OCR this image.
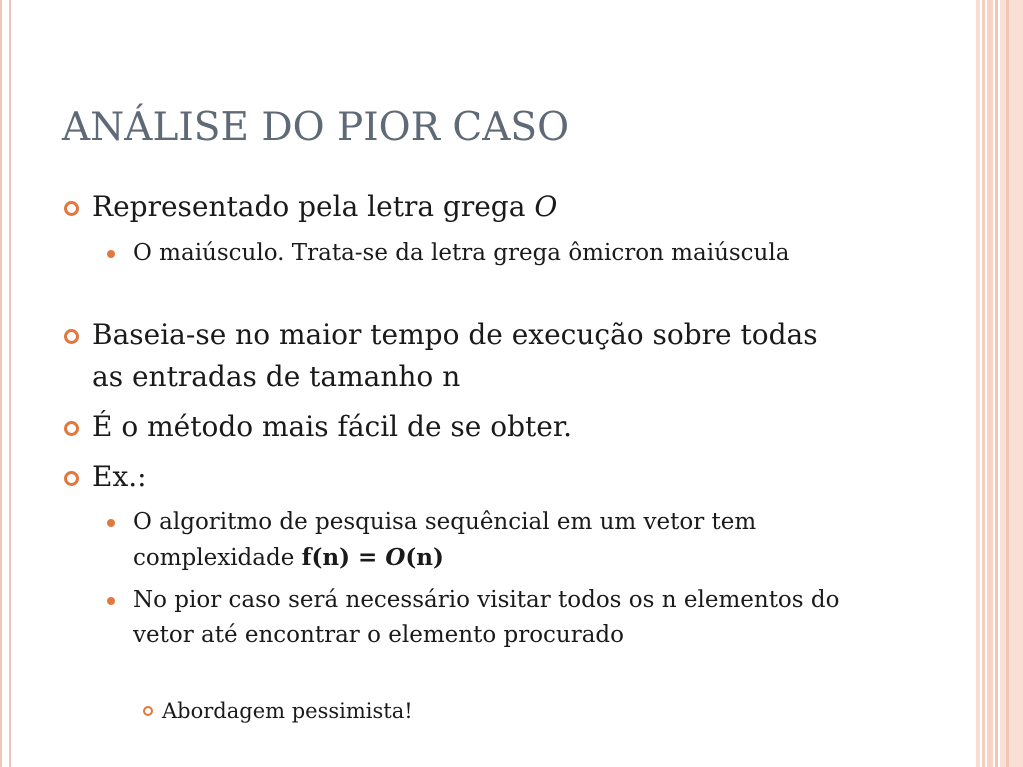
ANÁLISE DO PIOR CASO

Representado pela letra grega O

O maiúsculo. Trata-se da letra grega ômicron maiúscula

Baseia-se no maior tempo de execução sobre todas as entradas de tamanho n

É o método mais fácil de se obter.

Ex.:

O algoritmo de pesquisa sequêncial em um vetor tem complexidade f(n) = O(n)

No pior caso será necessário visitar todos os n elementos do vetor até encontrar o elemento procurado

Abordagem pessimista!
